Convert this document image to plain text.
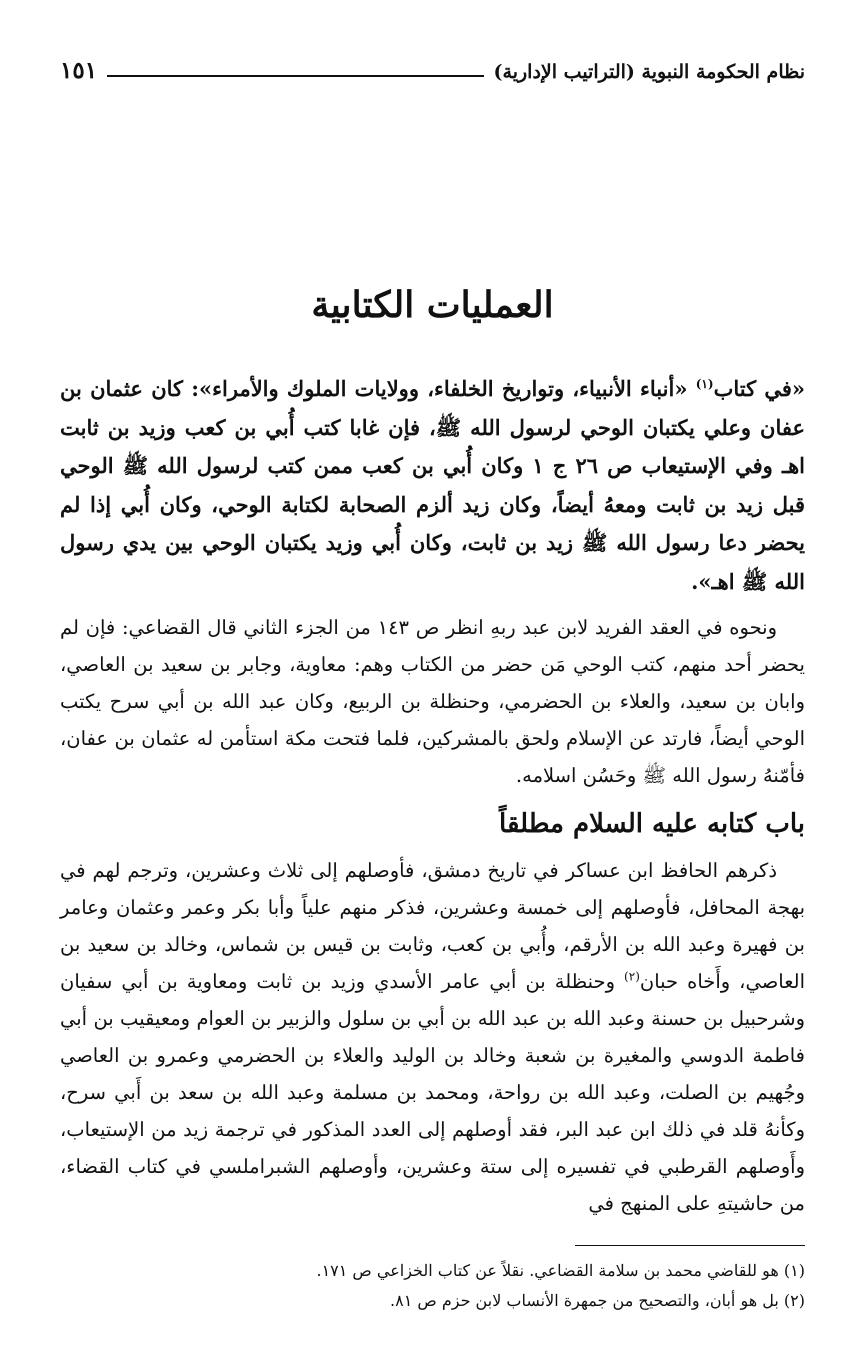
نظام الحكومة النبوية (التراتيب الإدارية)
١٥١
العمليات الكتابية

«في كتاب$^{(١)}$ «أنباء الأنبياء، وتواريخ الخلفاء، وولايات الملوك والأمراء»: كان عثمان بن عفان وعلي يكتبان الوحي لرسول الله ﷺ، فإن غابا كتب أُبي بن كعب وزيد بن ثابت اهـ وفي الإستيعاب ص ٢٦ ج ١ وكان أُبي بن كعب ممن كتب لرسول الله ﷺ الوحي قبل زيد بن ثابت ومعهُ أيضاً، وكان زيد ألزم الصحابة لكتابة الوحي، وكان أُبي إذا لم يحضر دعا رسول الله ﷺ زيد بن ثابت، وكان أُبي وزيد يكتبان الوحي بين يدي رسول الله ﷺ اهـ».

ونحوه في العقد الفريد لابن عبد ربهِ انظر ص ١٤٣ من الجزء الثاني قال القضاعي: فإن لم يحضر أحد منهم، كتب الوحي مَن حضر من الكتاب وهم: معاوية، وجابر بن سعيد بن العاصي، وابان بن سعيد، والعلاء بن الحضرمي، وحنظلة بن الربيع، وكان عبد الله بن أبي سرح يكتب الوحي أيضاً، فارتد عن الإسلام ولحق بالمشركين، فلما فتحت مكة استأمن له عثمان بن عفان، فأمّنهُ رسول الله ﷺ وحَسُن اسلامه.

باب كتابه عليه السلام مطلقاً

ذكرهم الحافظ ابن عساكر في تاريخ دمشق، فأوصلهم إلى ثلاث وعشرين، وترجم لهم في بهجة المحافل، فأوصلهم إلى خمسة وعشرين، فذكر منهم علياً وأبا بكر وعمر وعثمان وعامر بن فهيرة وعبد الله بن الأرقم، وأُبي بن كعب، وثابت بن قيس بن شماس، وخالد بن سعيد بن العاصي، وأَخاه حبان$^{(٢)}$ وحنظلة بن أبي عامر الأسدي وزيد بن ثابت ومعاوية بن أبي سفيان وشرحبيل بن حسنة وعبد الله بن عبد الله بن أبي بن سلول والزبير بن العوام ومعيقيب بن أبي فاطمة الدوسي والمغيرة بن شعبة وخالد بن الوليد والعلاء بن الحضرمي وعمرو بن العاصي وجُهيم بن الصلت، وعبد الله بن رواحة، ومحمد بن مسلمة وعبد الله بن سعد بن أَبي سرح، وكأنهُ قلد في ذلك ابن عبد البر، فقد أوصلهم إلى العدد المذكور في ترجمة زيد من الإستيعاب، وأَوصلهم القرطبي في تفسيره إلى ستة وعشرين، وأوصلهم الشبراملسي في كتاب القضاء، من حاشيتهِ على المنهج في

(١) هو للقاضي محمد بن سلامة القضاعي. نقلاً عن كتاب الخزاعي ص ١٧١.

(٢) بل هو أبان، والتصحيح من جمهرة الأنساب لابن حزم ص ٨١.
